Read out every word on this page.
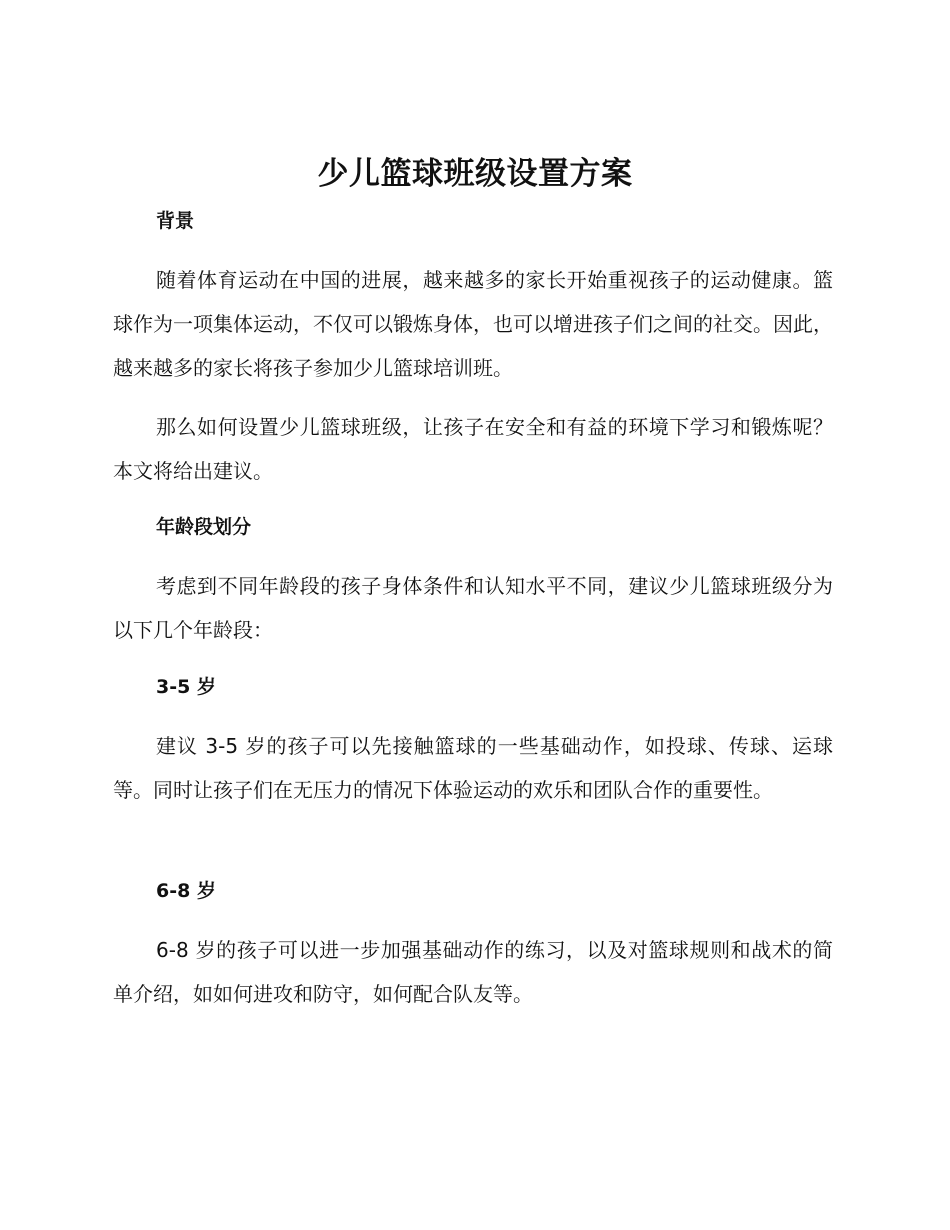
少儿篮球班级设置方案
背景

随着体育运动在中国的进展，越来越多的家长开始重视孩子的运动健康。篮球作为一项集体运动，不仅可以锻炼身体，也可以增进孩子们之间的社交。因此，越来越多的家长将孩子参加少儿篮球培训班。

那么如何设置少儿篮球班级，让孩子在安全和有益的环境下学习和锻炼呢？本文将给出建议。

年龄段划分

考虑到不同年龄段的孩子身体条件和认知水平不同，建议少儿篮球班级分为以下几个年龄段：

3-5 岁

建议 3-5 岁的孩子可以先接触篮球的一些基础动作，如投球、传球、运球等。同时让孩子们在无压力的情况下体验运动的欢乐和团队合作的重要性。

6-8 岁

6-8 岁的孩子可以进一步加强基础动作的练习，以及对篮球规则和战术的简单介绍，如如何进攻和防守，如何配合队友等。
